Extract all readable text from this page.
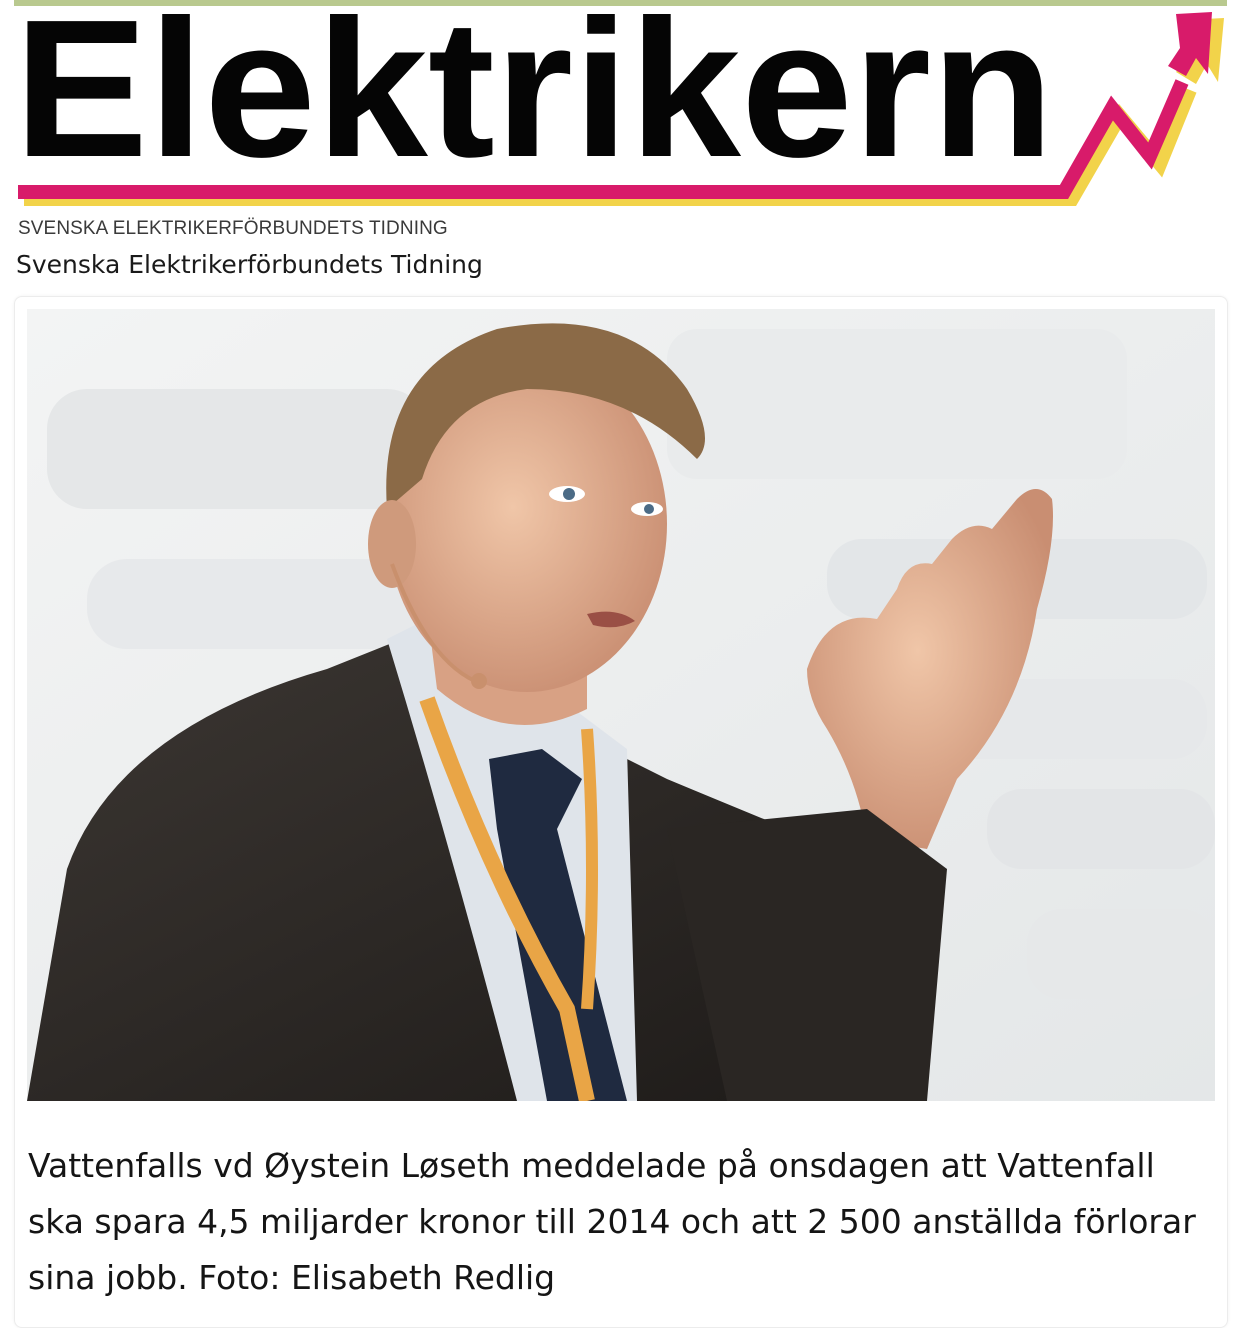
Elektrikern
SVENSKA ELEKTRIKERFÖRBUNDETS TIDNING
Svenska Elektrikerförbundets Tidning

Vattenfalls vd Øystein Løseth meddelade på onsdagen att Vattenfall ska spara 4,5 miljarder kronor till 2014 och att 2 500 anställda förlorar sina jobb. Foto: Elisabeth Redlig
